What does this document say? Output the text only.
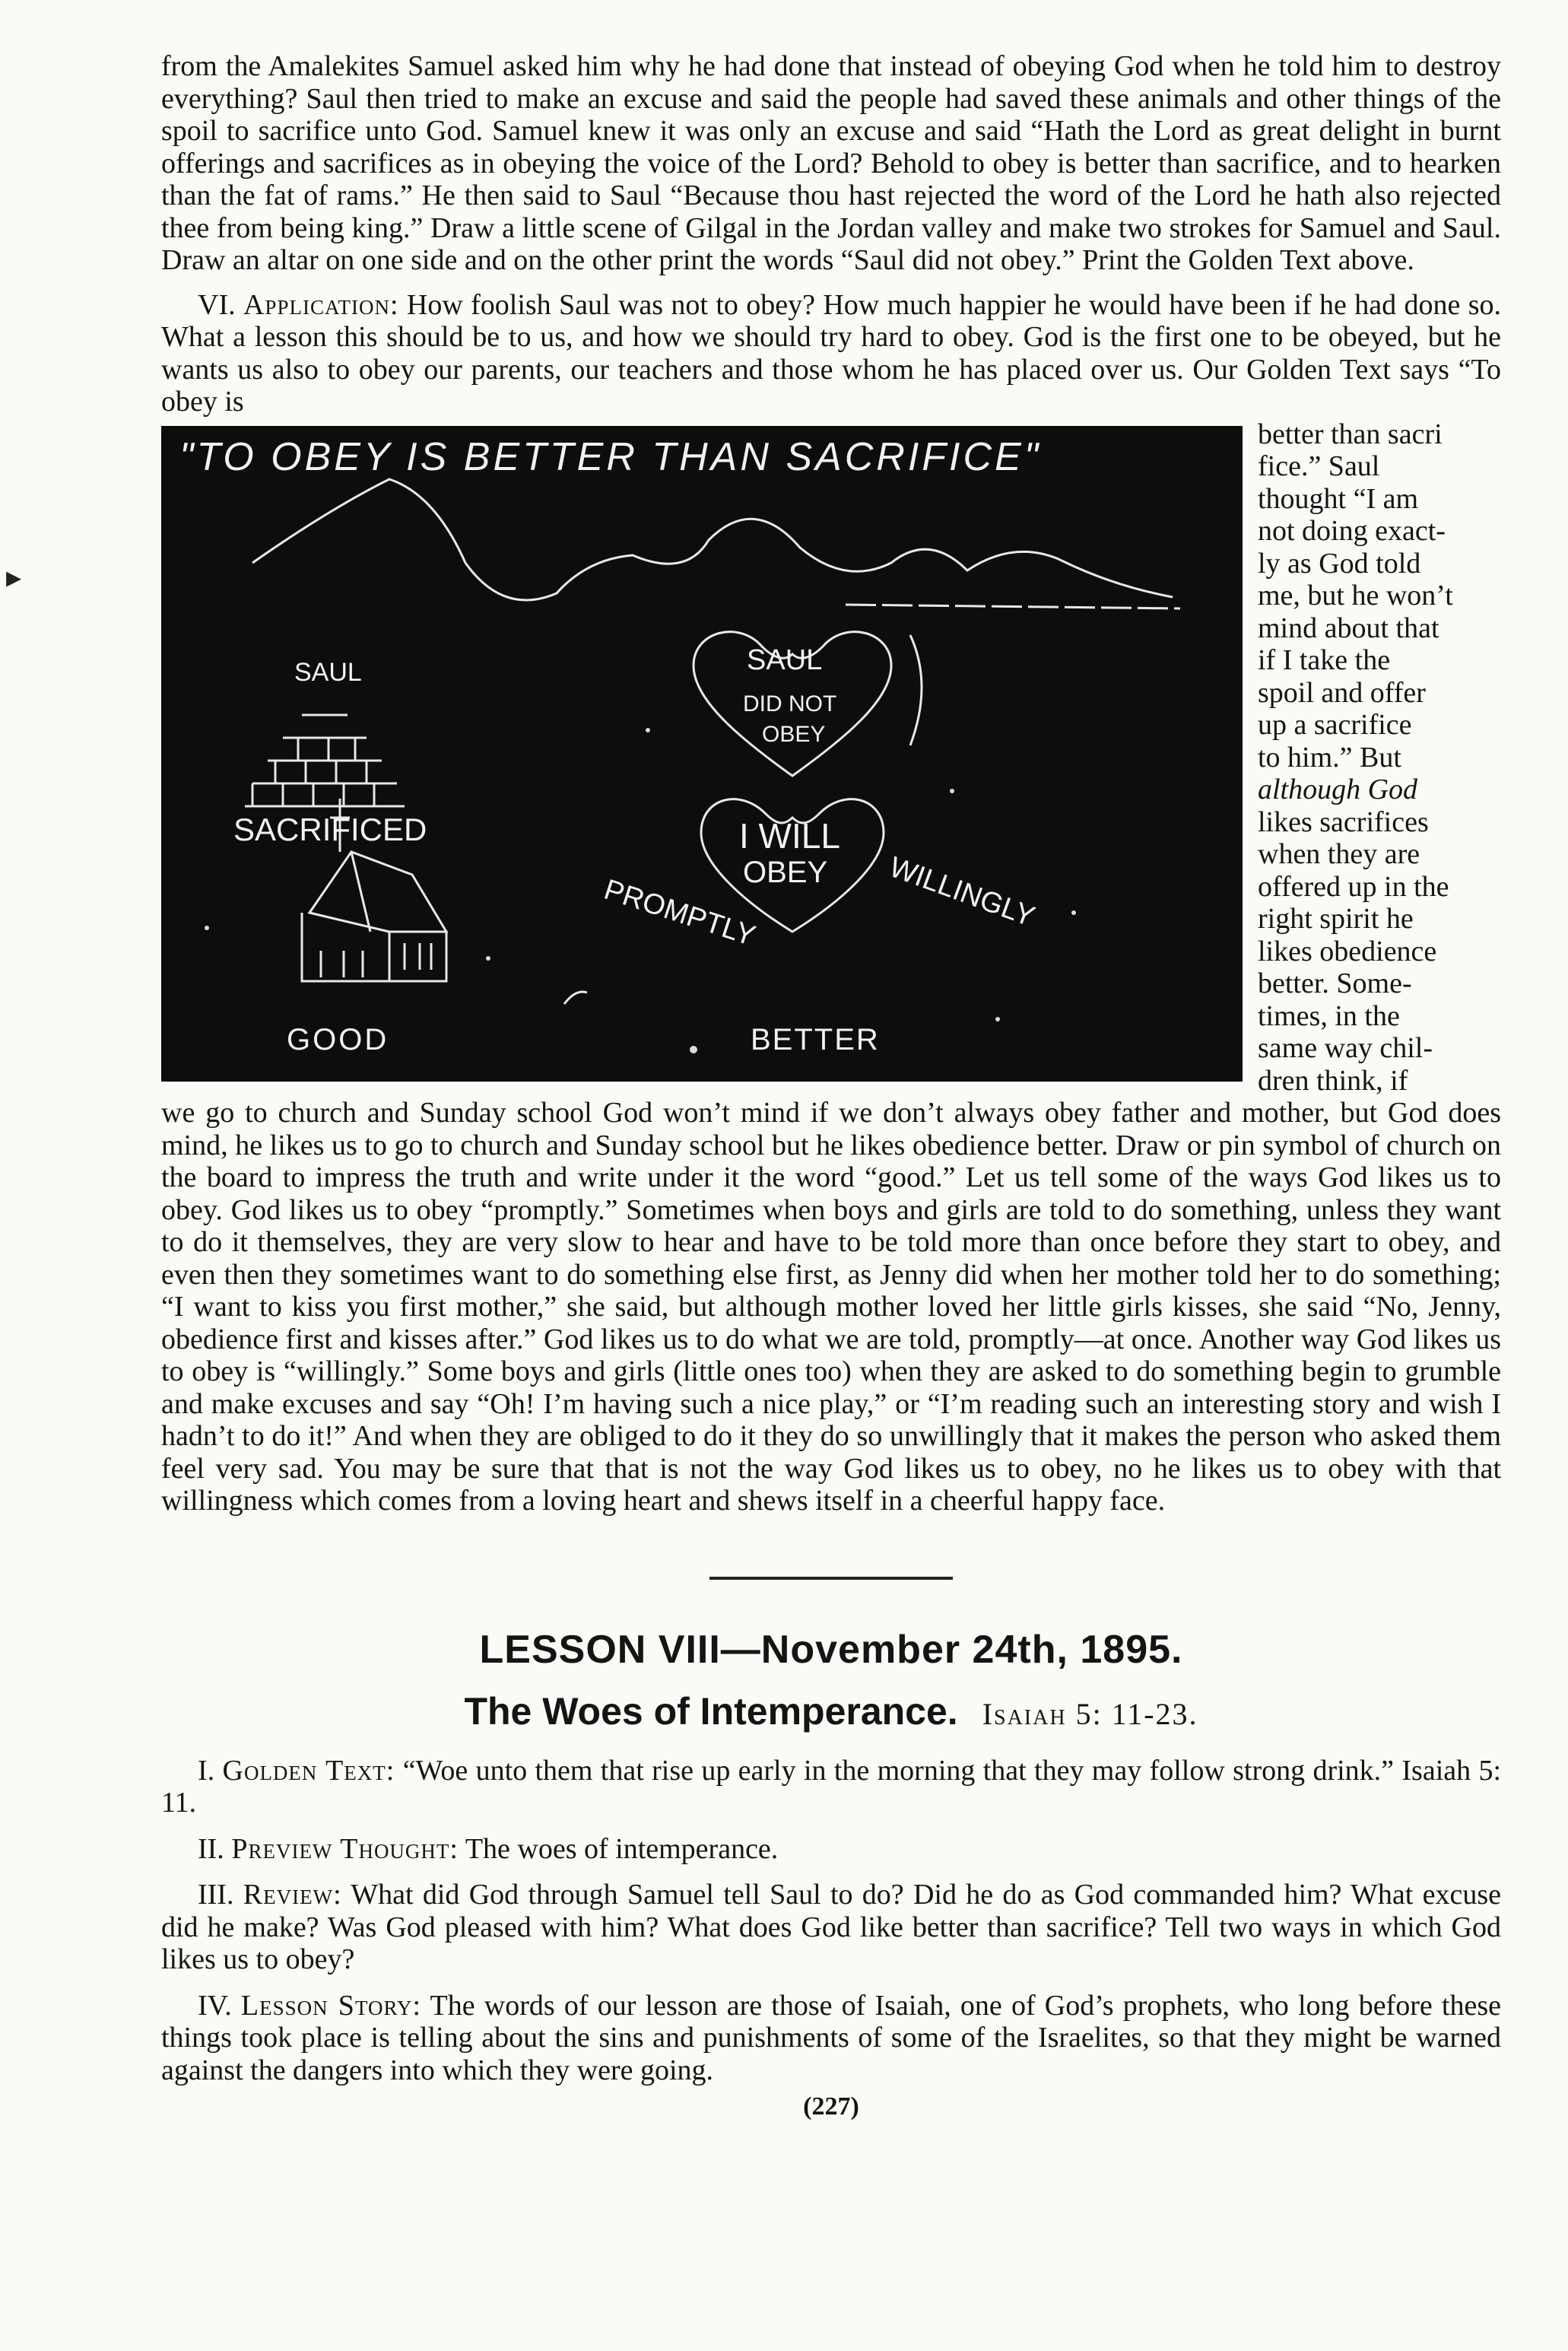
▸

from the Amalekites Samuel asked him why he had done that instead of obeying God when he told him to destroy everything? Saul then tried to make an excuse and said the people had saved these animals and other things of the spoil to sacrifice unto God. Samuel knew it was only an excuse and said “Hath the Lord as great delight in burnt offerings and sacrifices as in obeying the voice of the Lord? Behold to obey is better than sacrifice, and to hearken than the fat of rams.” He then said to Saul “Because thou hast rejected the word of the Lord he hath also rejected thee from being king.” Draw a little scene of Gilgal in the Jordan valley and make two strokes for Samuel and Saul. Draw an altar on one side and on the other print the words “Saul did not obey.” Print the Golden Text above.

VI. Application: How foolish Saul was not to obey? How much happier he would have been if he had done so. What a lesson this should be to us, and how we should try hard to obey. God is the first one to be obeyed, but he wants us also to obey our parents, our teachers and those whom he has placed over us. Our Golden Text says “To obey is

"TO OBEY IS BETTER THAN SACRIFICE"
SAUL
SACRIFICED
GOOD
SAUL
DID NOT
OBEY
I WILL
OBEY
PROMPTLY	WILLINGLY
BETTER

better than sacri

fice.” Saul

thought “I am

not doing exact-

ly as God told

me, but he won’t

mind about that

if I take the

spoil and offer

up a sacrifice

to him.” But

although God

likes sacrifices

when they are

offered up in the

right spirit he

likes obedience

better. Some-

times, in the

same way chil-

dren think, if

we go to church and Sunday school God won’t mind if we don’t always obey father and mother, but God does mind, he likes us to go to church and Sunday school but he likes obedience better. Draw or pin symbol of church on the board to impress the truth and write under it the word “good.” Let us tell some of the ways God likes us to obey. God likes us to obey “promptly.” Sometimes when boys and girls are told to do something, unless they want to do it themselves, they are very slow to hear and have to be told more than once before they start to obey, and even then they sometimes want to do something else first, as Jenny did when her mother told her to do something; “I want to kiss you first mother,” she said, but although mother loved her little girls kisses, she said “No, Jenny, obedience first and kisses after.” God likes us to do what we are told, promptly—at once. Another way God likes us to obey is “willingly.” Some boys and girls (little ones too) when they are asked to do something begin to grumble and make excuses and say “Oh! I’m having such a nice play,” or “I’m reading such an interesting story and wish I hadn’t to do it!” And when they are obliged to do it they do so unwillingly that it makes the person who asked them feel very sad. You may be sure that that is not the way God likes us to obey, no he likes us to obey with that willingness which comes from a loving heart and shews itself in a cheerful happy face.

LESSON VIII—November 24th, 1895.
The Woes of Intemperance. Isaiah 5: 11-23.

I. Golden Text: “Woe unto them that rise up early in the morning that they may follow strong drink.” Isaiah 5: 11.

II. Preview Thought: The woes of intemperance.

III. Review: What did God through Samuel tell Saul to do? Did he do as God commanded him? What excuse did he make? Was God pleased with him? What does God like better than sacrifice? Tell two ways in which God likes us to obey?

IV. Lesson Story: The words of our lesson are those of Isaiah, one of God’s prophets, who long before these things took place is telling about the sins and punishments of some of the Israelites, so that they might be warned against the dangers into which they were going.

(227)
